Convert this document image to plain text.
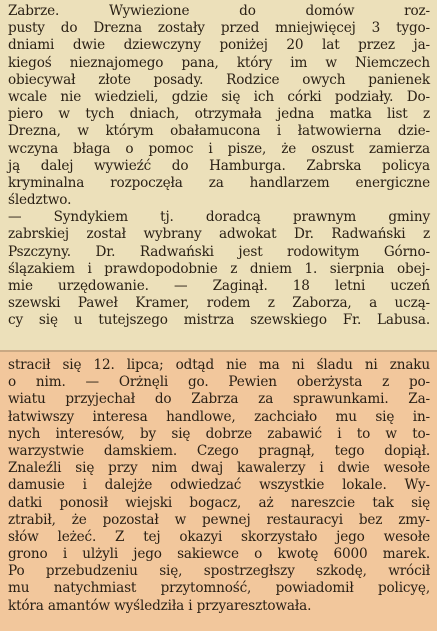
Zabrze. Wywiezione do domów roz-
pusty do Drezna zostały przed mniejwięcej 3 tygo-
dniami dwie dziewczyny poniżej 20 lat przez ja-
kiegoś nieznajomego pana, który im w Niemczech
obiecywał złote posady. Rodzice owych panienek
wcale nie wiedzieli, gdzie się ich córki podziały. Do-
piero w tych dniach, otrzymała jedna matka list z
Drezna, w którym obałamucona i łatwowierna dzie-
wczyna błaga o pomoc i pisze, że oszust zamierza
ją dalej wywieźć do Hamburga. Zabrska policya
kryminalna rozpoczęła za handlarzem energiczne
śledztwo.
— Syndykiem tj. doradcą prawnym gminy
zabrskiej został wybrany adwokat Dr. Radwański z
Pszczyny. Dr. Radwański jest rodowitym Górno-
ślązakiem i prawdopodobnie z dniem 1. sierpnia obej-
mie urzędowanie. — Zaginął. 18 letni uczeń
szewski Paweł Kramer, rodem z Zaborza, a uczą-
cy się u tutejszego mistrza szewskiego Fr. Labusa.
stracił się 12. lipca; odtąd nie ma ni śladu ni znaku
o nim. — Orżnęli go. Pewien oberżysta z po-
wiatu przyjechał do Zabrza za sprawunkami. Za-
łatwiwszy interesa handlowe, zachciało mu się in-
nych interesów, by się dobrze zabawić i to w to-
warzystwie damskiem. Czego pragnął, tego dopiął.
Znaleźli się przy nim dwaj kawalerzy i dwie wesołe
damusie i dalejże odwiedzać wszystkie lokale. Wy-
datki ponosił wiejski bogacz, aż nareszcie tak się
ztrabił, że pozostał w pewnej restauracyi bez zmy-
słów leżeć. Z tej okazyi skorzystało jego wesołe
grono i ulżyli jego sakiewce o kwotę 6000 marek.
Po przebudzeniu się, spostrzegłszy szkodę, wrócił
mu natychmiast przytomność, powiadomił policyę,
która amantów wyśledziła i przyaresztowała.
